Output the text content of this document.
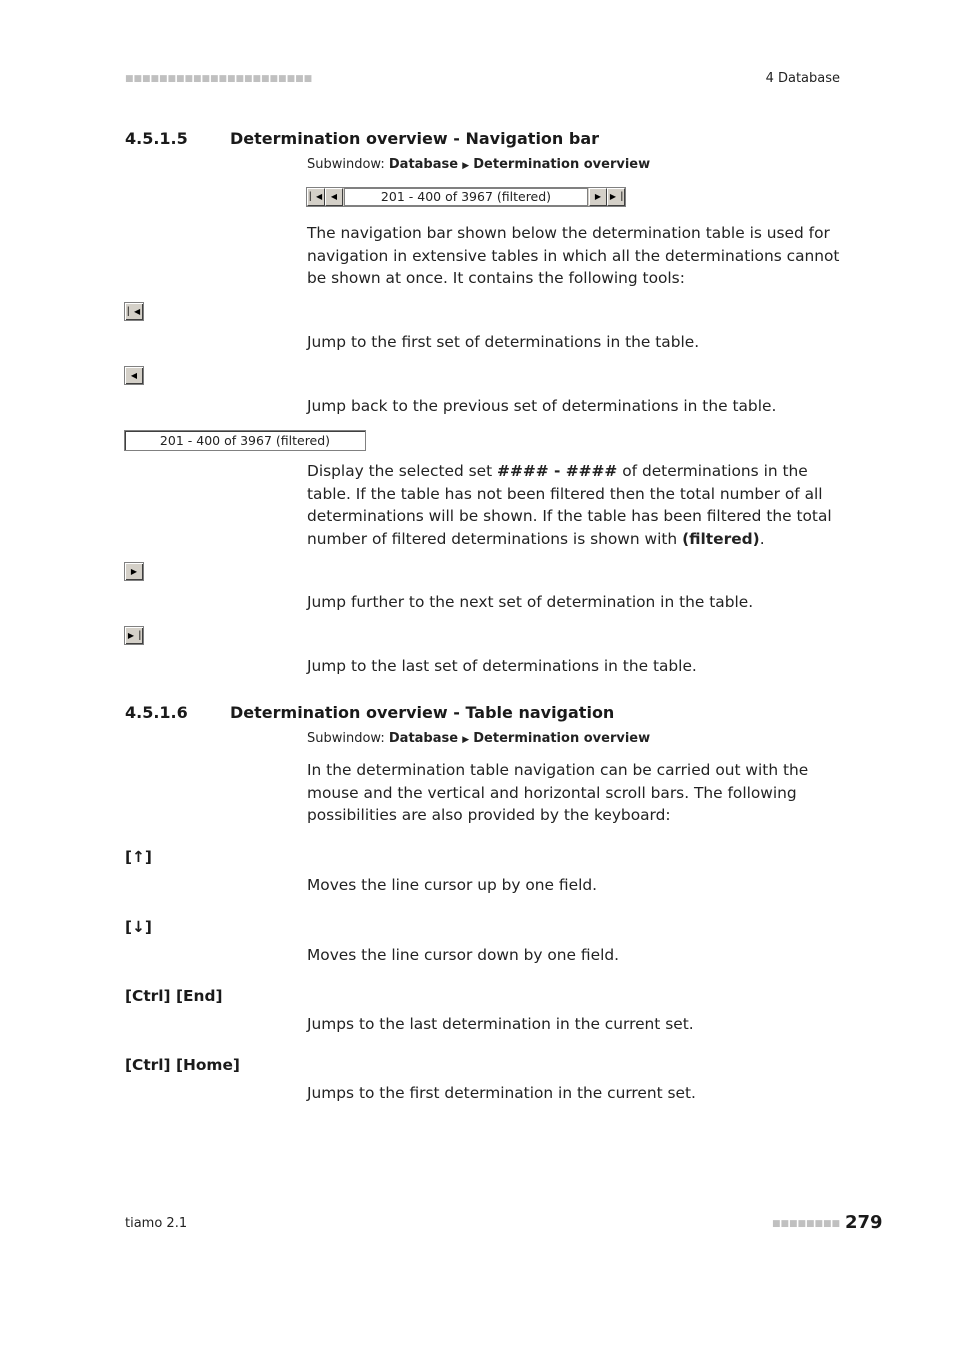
■■■■■■■■■■■■■■■■■■■■■■	4 Database
4.5.1.5	Determination overview - Navigation bar
Subwindow: Database ▶ Determination overview
▏◀	◀	201 - 400 of 3967 (filtered)	▶	▶▕
The navigation bar shown below the determination table is used for navigation in extensive tables in which all the determinations cannot be shown at once. It contains the following tools:
▏◀
Jump to the first set of determinations in the table.
◀
Jump back to the previous set of determinations in the table.
201 - 400 of 3967 (filtered)
Display the selected set #### - #### of determinations in the table. If the table has not been filtered then the total number of all determinations will be shown. If the table has been filtered the total number of filtered determinations is shown with (filtered).
▶
Jump further to the next set of determination in the table.
▶▕
Jump to the last set of determinations in the table.
4.5.1.6	Determination overview - Table navigation
Subwindow: Database ▶ Determination overview
In the determination table navigation can be carried out with the mouse and the vertical and horizontal scroll bars. The following possibilities are also provided by the keyboard:
[↑]
Moves the line cursor up by one field.
[↓]
Moves the line cursor down by one field.
[Ctrl] [End]
Jumps to the last determination in the current set.
[Ctrl] [Home]
Jumps to the first determination in the current set.
tiamo 2.1	■■■■■■■■ 279
